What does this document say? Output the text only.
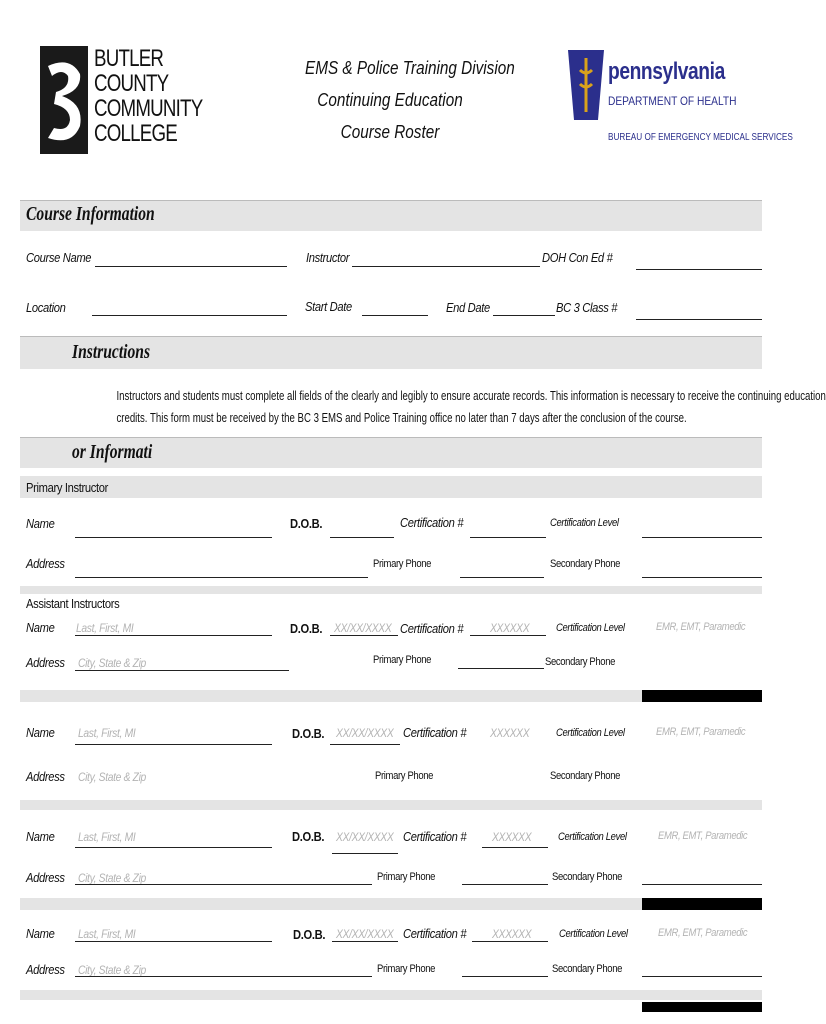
BUTLER
COUNTY
COMMUNITY
COLLEGE
EMS & Police Training Division
Continuing Education
Course Roster
pennsylvania
DEPARTMENT OF HEALTH
BUREAU OF EMERGENCY MEDICAL SERVICES
Course Information
Course Name	Instructor	DOH Con Ed #
Location	Start Date	End Date	BC 3 Class #
Instructions
Instructors and students must complete all fields of the clearly and legibly to ensure accurate records. This information is necessary to receive the continuing education
credits. This form must be received by the BC 3 EMS and Police Training office no later than 7 days after the conclusion of the course.
or Informati
Primary Instructor
Name	D.O.B.	Certification #	Certification Level
Address	Primary Phone	Secondary Phone
Assistant Instructors
Name Last, First, MI	D.O.B. XX/XX/XXXX Certification # XXXXXX Certification Level	EMR, EMT, Paramedic
Address City, State & Zip	Primary Phone	Secondary Phone
Name Last, First, MI	D.O.B. XX/XX/XXXX Certification # XXXXXX Certification Level	EMR, EMT, Paramedic
Address City, State & Zip	Primary Phone	Secondary Phone
Name Last, First, MI	D.O.B. XX/XX/XXXX Certification # XXXXXX Certification Level	EMR, EMT, Paramedic
Address City, State & Zip	Primary Phone	Secondary Phone
Name Last, First, MI	D.O.B. XX/XX/XXXX Certification # XXXXXX	Certification Level	EMR, EMT, Paramedic
Address City, State & Zip	Primary Phone	Secondary Phone
